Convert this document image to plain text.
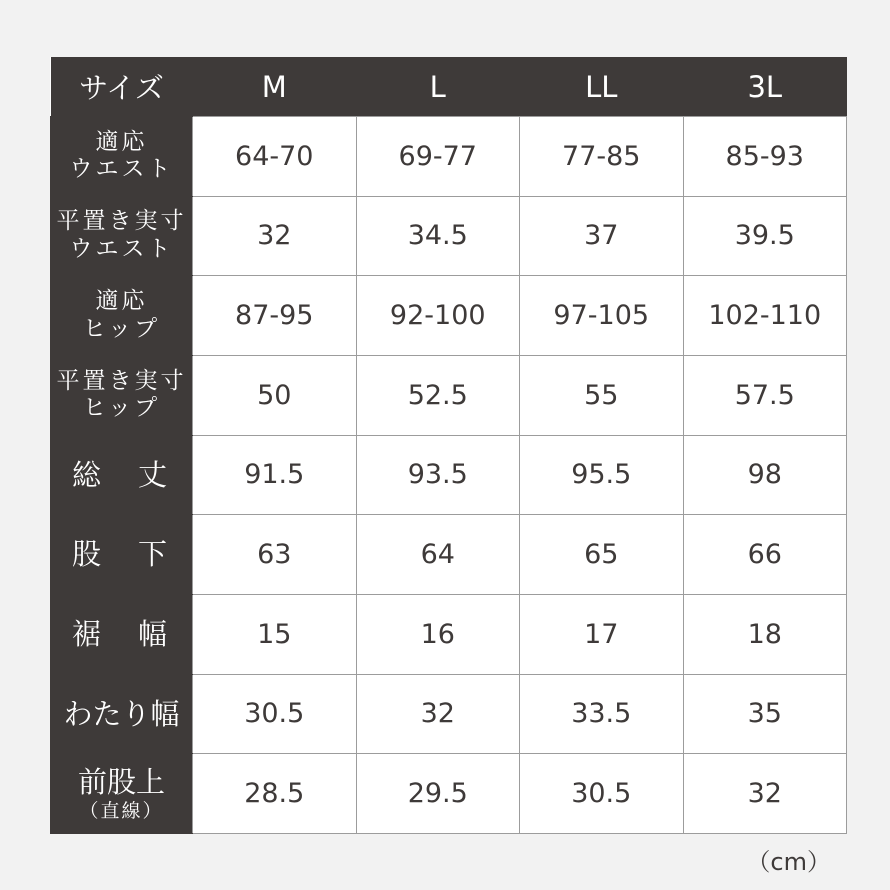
サイズ	M	L	LL	3L

適応
ウエスト	64-70	69-77	77-85	85-93

平置き実寸
ウエスト	32	34.5	37	39.5

適応
ヒップ	87-95	92-100	97-105	102-110

平置き実寸
ヒップ	50	52.5	55	57.5

総　丈	91.5	93.5	95.5	98

股　下	63	64	65	66

裾　幅	15	16	17	18

わたり幅	30.5	32	33.5	35

前股上
（直線）	28.5	29.5	30.5	32
（cm）
